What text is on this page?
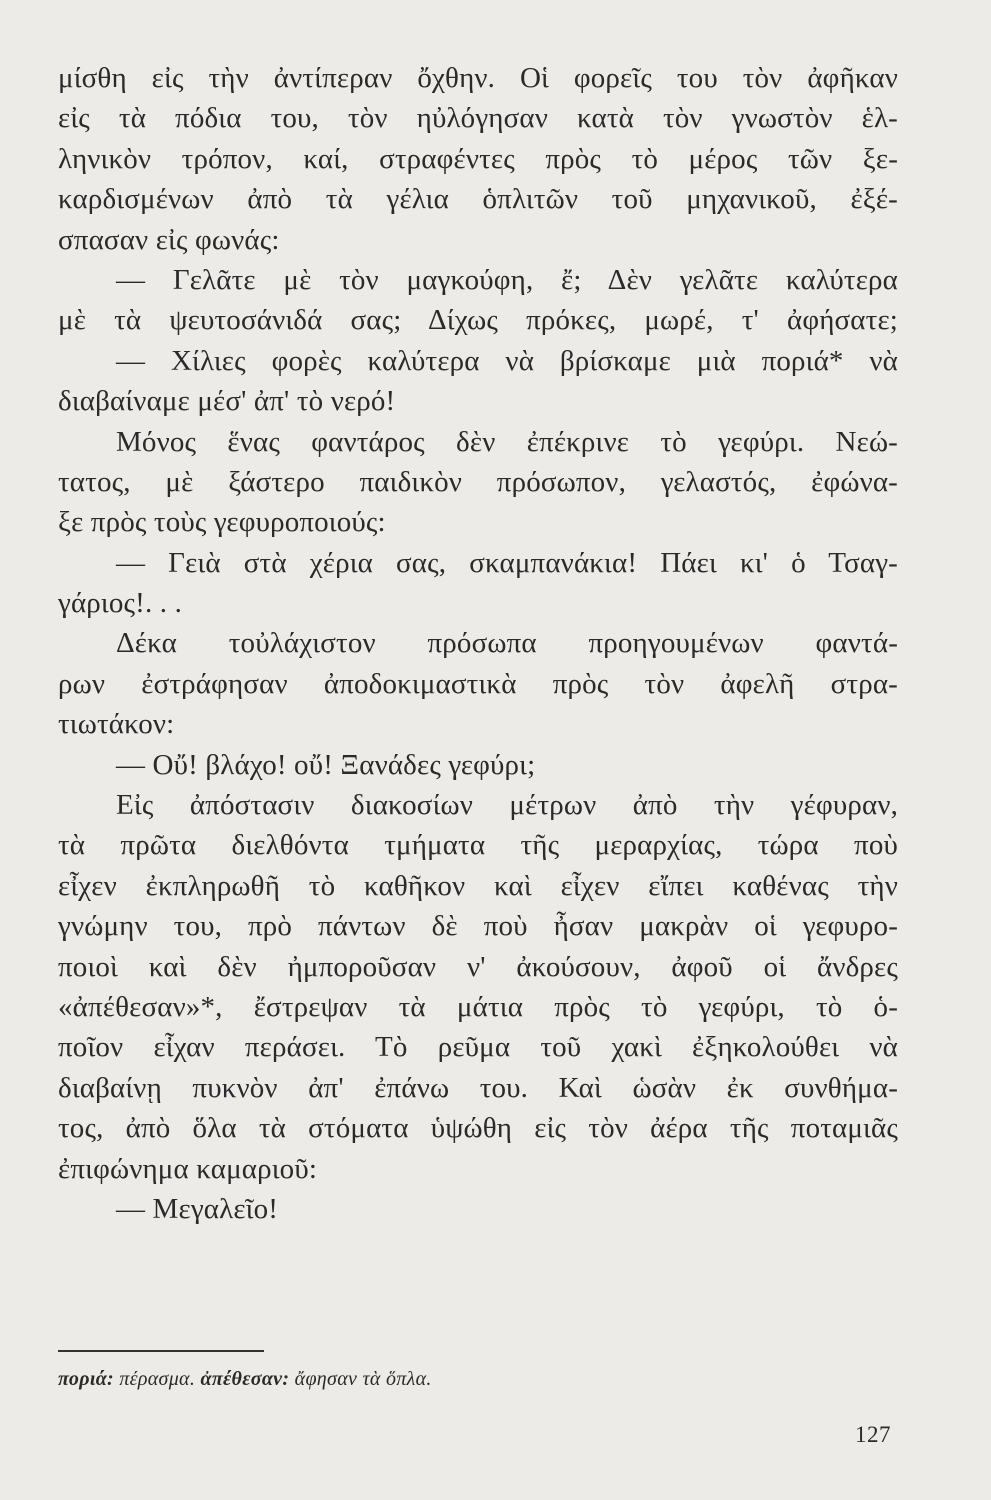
μίσθη εἰς τὴν ἀντίπεραν ὄχθην. Οἱ φορεῖς του τὸν ἀφῆκαν
εἰς τὰ πόδια του, τὸν ηὐλόγησαν κατὰ τὸν γνωστὸν ἑλ-
ληνικὸν τρόπον, καί, στραφέντες πρὸς τὸ μέρος τῶν ξε-
καρδισμένων ἀπὸ τὰ γέλια ὁπλιτῶν τοῦ μηχανικοῦ, ἐξέ-
σπασαν εἰς φωνάς:
— Γελᾶτε μὲ τὸν μαγκούφη, ἔ; Δὲν γελᾶτε καλύτερα
μὲ τὰ ψευτοσάνιδά σας; Δίχως πρόκες, μωρέ, τ' ἀφήσατε;
— Χίλιες φορὲς καλύτερα νὰ βρίσκαμε μιὰ ποριά* νὰ
διαβαίναμε μέσ' ἀπ' τὸ νερό!
Μόνος ἕνας φαντάρος δὲν ἐπέκρινε τὸ γεφύρι. Νεώ-
τατος, μὲ ξάστερο παιδικὸν πρόσωπον, γελαστός, ἐφώνα-
ξε πρὸς τοὺς γεφυροποιούς:
— Γειὰ στὰ χέρια σας, σκαμπανάκια! Πάει κι' ὁ Τσαγ-
γάριος!. . .
Δέκα τοὐλάχιστον πρόσωπα προηγουμένων φαντά-
ρων ἐστράφησαν ἀποδοκιμαστικὰ πρὸς τὸν ἀφελῆ στρα-
τιωτάκον:
— Οὔ! βλάχο! οὔ! Ξανάδες γεφύρι;
Εἰς ἀπόστασιν διακοσίων μέτρων ἀπὸ τὴν γέφυραν,
τὰ πρῶτα διελθόντα τμήματα τῆς μεραρχίας, τώρα ποὺ
εἶχεν ἐκπληρωθῆ τὸ καθῆκον καὶ εἶχεν εἴπει καθένας τὴν
γνώμην του, πρὸ πάντων δὲ ποὺ ἦσαν μακρὰν οἱ γεφυρο-
ποιοὶ καὶ δὲν ἠμποροῦσαν ν' ἀκούσουν, ἀφοῦ οἱ ἄνδρες
«ἀπέθεσαν»*, ἔστρεψαν τὰ μάτια πρὸς τὸ γεφύρι, τὸ ὁ-
ποῖον εἶχαν περάσει. Τὸ ρεῦμα τοῦ χακὶ ἐξηκολούθει νὰ
διαβαίνῃ πυκνὸν ἀπ' ἐπάνω του. Καὶ ὡσὰν ἐκ συνθήμα-
τος, ἀπὸ ὅλα τὰ στόματα ὑψώθη εἰς τὸν ἀέρα τῆς ποταμιᾶς
ἐπιφώνημα καμαριοῦ:
— Μεγαλεῖο!
ποριά: πέρασμα. ἀπέθεσαν: ἄφησαν τὰ ὅπλα.
127
